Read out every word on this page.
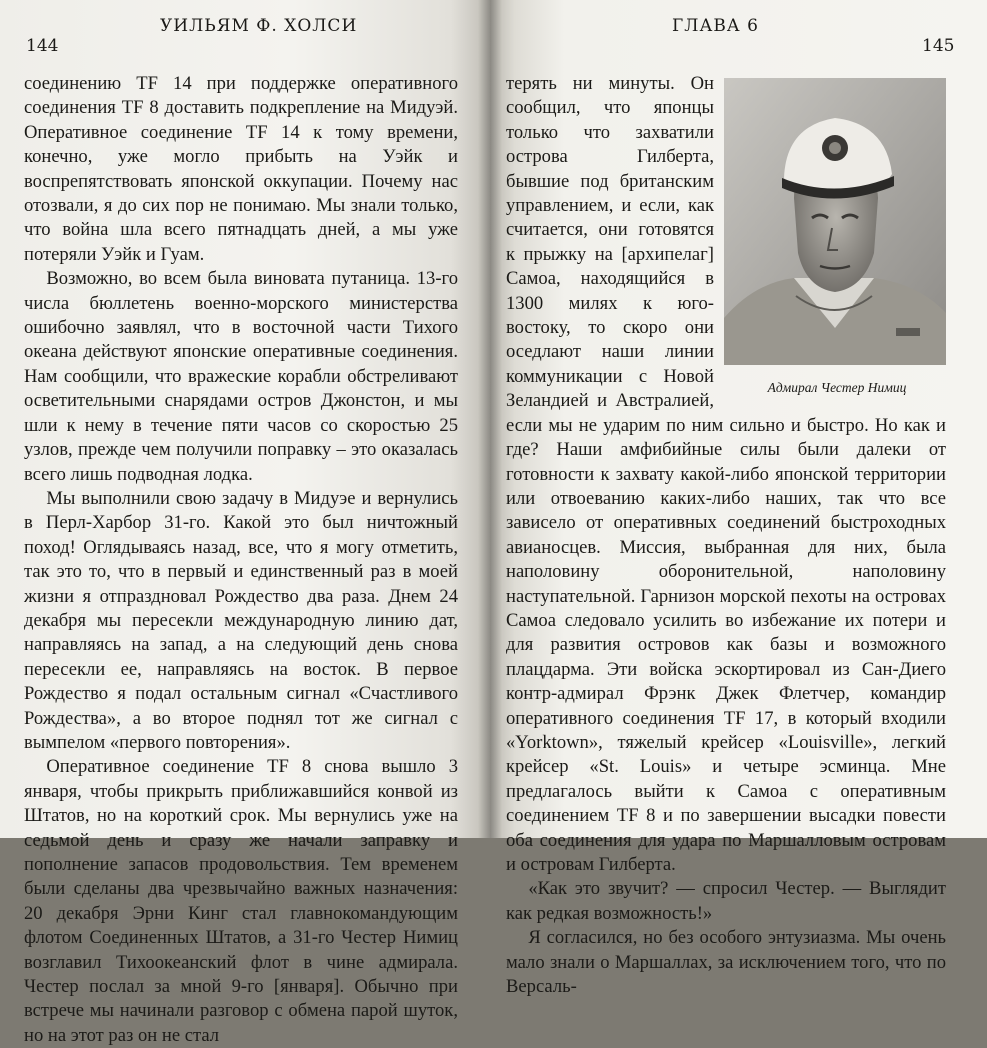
УИЛЬЯМ Ф. ХОЛСИ
144

соединению TF 14 при поддержке оперативного соединения TF 8 доставить подкрепление на Мидуэй. Оперативное соединение TF 14 к тому времени, конечно, уже могло прибыть на Уэйк и воспрепятствовать японской оккупации. Почему нас отозвали, я до сих пор не понимаю. Мы знали только, что война шла всего пятнадцать дней, а мы уже потеряли Уэйк и Гуам.

Возможно, во всем была виновата путаница. 13-го числа бюллетень военно-морского министерства ошибочно заявлял, что в восточной части Тихого океана действуют японские оперативные соединения. Нам сообщили, что вражеские корабли обстреливают осветительными снарядами остров Джонстон, и мы шли к нему в течение пяти часов со скоростью 25 узлов, прежде чем получили поправку – это оказалась всего лишь подводная лодка.

Мы выполнили свою задачу в Мидуэе и вернулись в Перл-Харбор 31-го. Какой это был ничтожный поход! Оглядываясь назад, все, что я могу отметить, так это то, что в первый и единственный раз в моей жизни я отпраздновал Рождество два раза. Днем 24 декабря мы пересекли международную линию дат, направляясь на запад, а на следующий день снова пересекли ее, направляясь на восток. В первое Рождество я подал остальным сигнал «Счастливого Рождества», а во второе поднял тот же сигнал с вымпелом «первого повторения».

Оперативное соединение TF 8 снова вышло 3 января, чтобы прикрыть приближавшийся конвой из Штатов, но на короткий срок. Мы вернулись уже на седьмой день и сразу же начали заправку и пополнение запасов продовольствия. Тем временем были сделаны два чрезвычайно важных назначения: 20 декабря Эрни Кинг стал главнокомандующим флотом Соединенных Штатов, а 31-го Честер Нимиц возглавил Тихоокеанский флот в чине адмирала. Честер послал за мной 9-го [января]. Обычно при встрече мы начинали разговор с обмена парой шуток, но на этот раз он не стал

ГЛАВА 6
145
Адмирал Честер Нимиц

терять ни минуты. Он сообщил, что японцы только что захватили острова Гилберта, бывшие под британским управлением, и если, как считается, они готовятся к прыжку на [архипелаг] Самоа, находящийся в 1300 милях к юго-востоку, то скоро они оседлают наши линии коммуникации с Новой Зеландией и Австралией, если мы не ударим по ним сильно и быстро. Но как и где? Наши амфибийные силы были далеки от готовности к захвату какой-либо японской территории или отвоеванию каких-либо наших, так что все зависело от оперативных соединений быстроходных авианосцев. Миссия, выбранная для них, была наполовину оборонительной, наполовину наступательной. Гарнизон морской пехоты на островах Самоа следовало усилить во избежание их потери и для развития островов как базы и возможного плацдарма. Эти войска эскортировал из Сан-Диего контр-адмирал Фрэнк Джек Флетчер, командир оперативного соединения TF 17, в который входили «Yorktown», тяжелый крейсер «Louisville», легкий крейсер «St. Louis» и четыре эсминца. Мне предлагалось выйти к Самоа с оперативным соединением TF 8 и по завершении высадки повести оба соединения для удара по Маршалловым островам и островам Гилберта.

«Как это звучит? — спросил Честер. — Выглядит как редкая возможность!»

Я согласился, но без особого энтузиазма. Мы очень мало знали о Маршаллах, за исключением того, что по Версаль-
